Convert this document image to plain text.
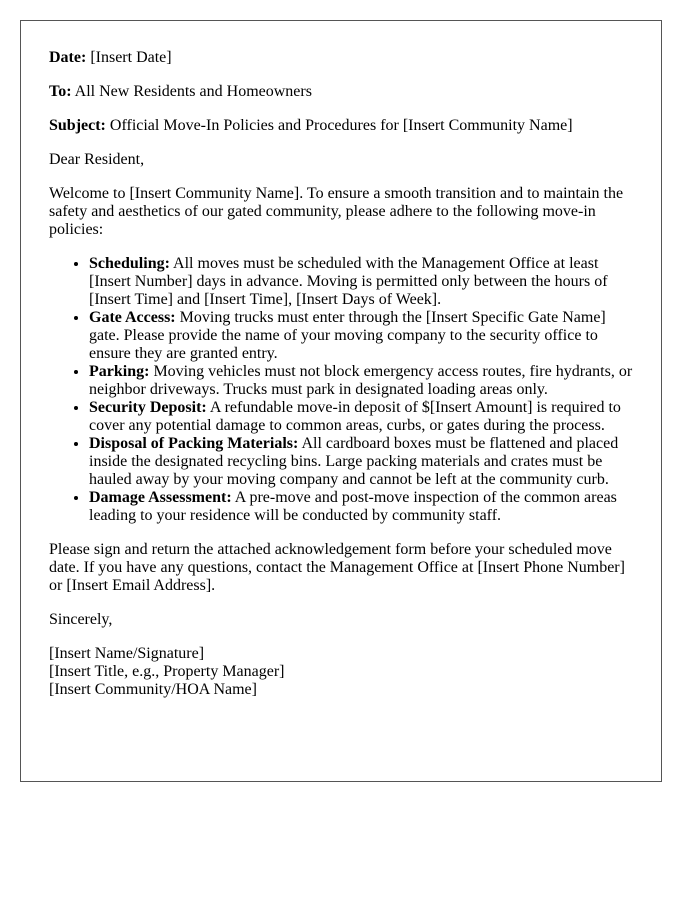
Date: [Insert Date]

To: All New Residents and Homeowners

Subject: Official Move-In Policies and Procedures for [Insert Community Name]

Dear Resident,

Welcome to [Insert Community Name]. To ensure a smooth transition and to maintain the safety and aesthetics of our gated community, please adhere to the following move-in policies:

• Scheduling: All moves must be scheduled with the Management Office at least [Insert Number] days in advance. Moving is permitted only between the hours of [Insert Time] and [Insert Time], [Insert Days of Week].
• Gate Access: Moving trucks must enter through the [Insert Specific Gate Name] gate. Please provide the name of your moving company to the security office to ensure they are granted entry.
• Parking: Moving vehicles must not block emergency access routes, fire hydrants, or neighbor driveways. Trucks must park in designated loading areas only.
• Security Deposit: A refundable move-in deposit of $[Insert Amount] is required to cover any potential damage to common areas, curbs, or gates during the process.
• Disposal of Packing Materials: All cardboard boxes must be flattened and placed inside the designated recycling bins. Large packing materials and crates must be hauled away by your moving company and cannot be left at the community curb.
• Damage Assessment: A pre-move and post-move inspection of the common areas leading to your residence will be conducted by community staff.

Please sign and return the attached acknowledgement form before your scheduled move date. If you have any questions, contact the Management Office at [Insert Phone Number] or [Insert Email Address].

Sincerely,

[Insert Name/Signature]
[Insert Title, e.g., Property Manager]
[Insert Community/HOA Name]
